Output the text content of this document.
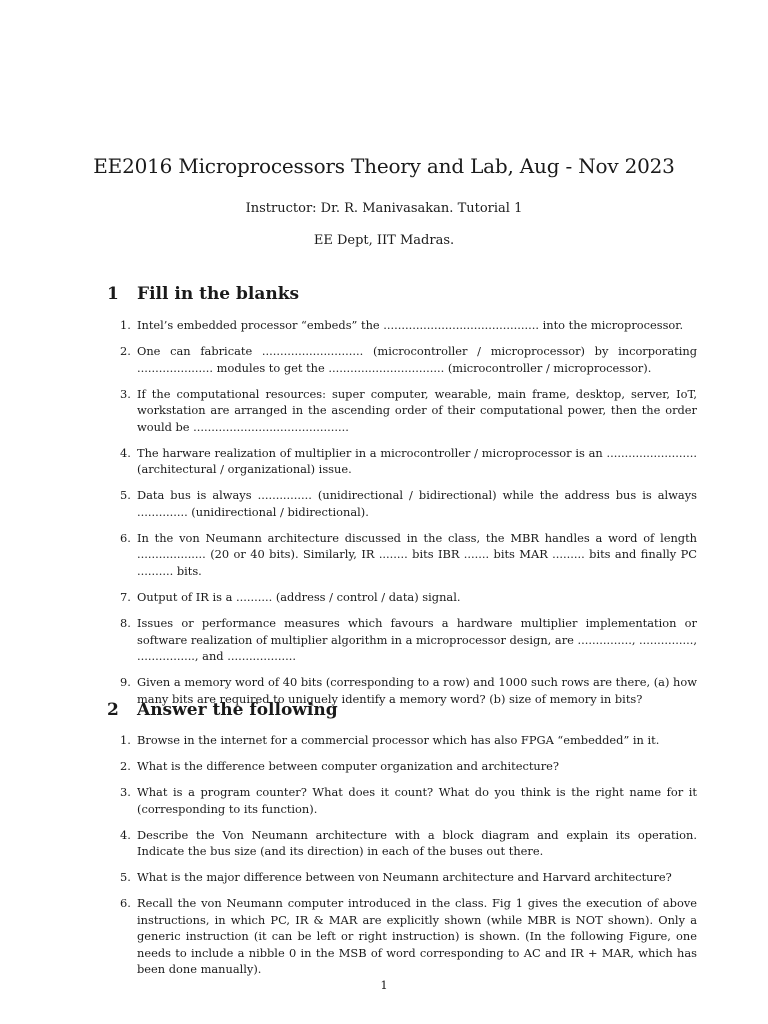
EE2016 Microprocessors Theory and Lab, Aug - Nov 2023
Instructor: Dr. R. Manivasakan. Tutorial 1
EE Dept, IIT Madras.
1 Fill in the blanks
1. Intel’s embedded processor “embeds” the ........................................... into the microprocessor.
2. One can fabricate ............................ (microcontroller / microprocessor) by incorporating ..................... modules to get the ................................ (microcontroller / microprocessor).
3. If the computational resources: super computer, wearable, main frame, desktop, server, IoT, workstation are arranged in the ascending order of their computational power, then the order would be ...........................................
4. The harware realization of multiplier in a microcontroller / microprocessor is an ......................... (architectural / organizational) issue.
5. Data bus is always ............... (unidirectional / bidirectional) while the address bus is always .............. (unidirectional / bidirectional).
6. In the von Neumann architecture discussed in the class, the MBR handles a word of length ................... (20 or 40 bits). Similarly, IR ........ bits IBR ....... bits MAR ......... bits and finally PC .......... bits.
7. Output of IR is a .......... (address / control / data) signal.
8. Issues or performance measures which favours a hardware multiplier implementation or software realization of multiplier algorithm in a microprocessor design, are ..............., ..............., ................, and ...................
9. Given a memory word of 40 bits (corresponding to a row) and 1000 such rows are there, (a) how many bits are required to uniquely identify a memory word? (b) size of memory in bits?
2 Answer the following
1. Browse in the internet for a commercial processor which has also FPGA “embedded” in it.
2. What is the difference between computer organization and architecture?
3. What is a program counter? What does it count? What do you think is the right name for it (corresponding to its function).
4. Describe the Von Neumann architecture with a block diagram and explain its operation. Indicate the bus size (and its direction) in each of the buses out there.
5. What is the major difference between von Neumann architecture and Harvard architecture?
6. Recall the von Neumann computer introduced in the class. Fig 1 gives the execution of above instructions, in which PC, IR & MAR are explicitly shown (while MBR is NOT shown). Only a generic instruction (it can be left or right instruction) is shown. (In the following Figure, one needs to include a nibble 0 in the MSB of word corresponding to AC and IR + MAR, which has been done manually).
1
